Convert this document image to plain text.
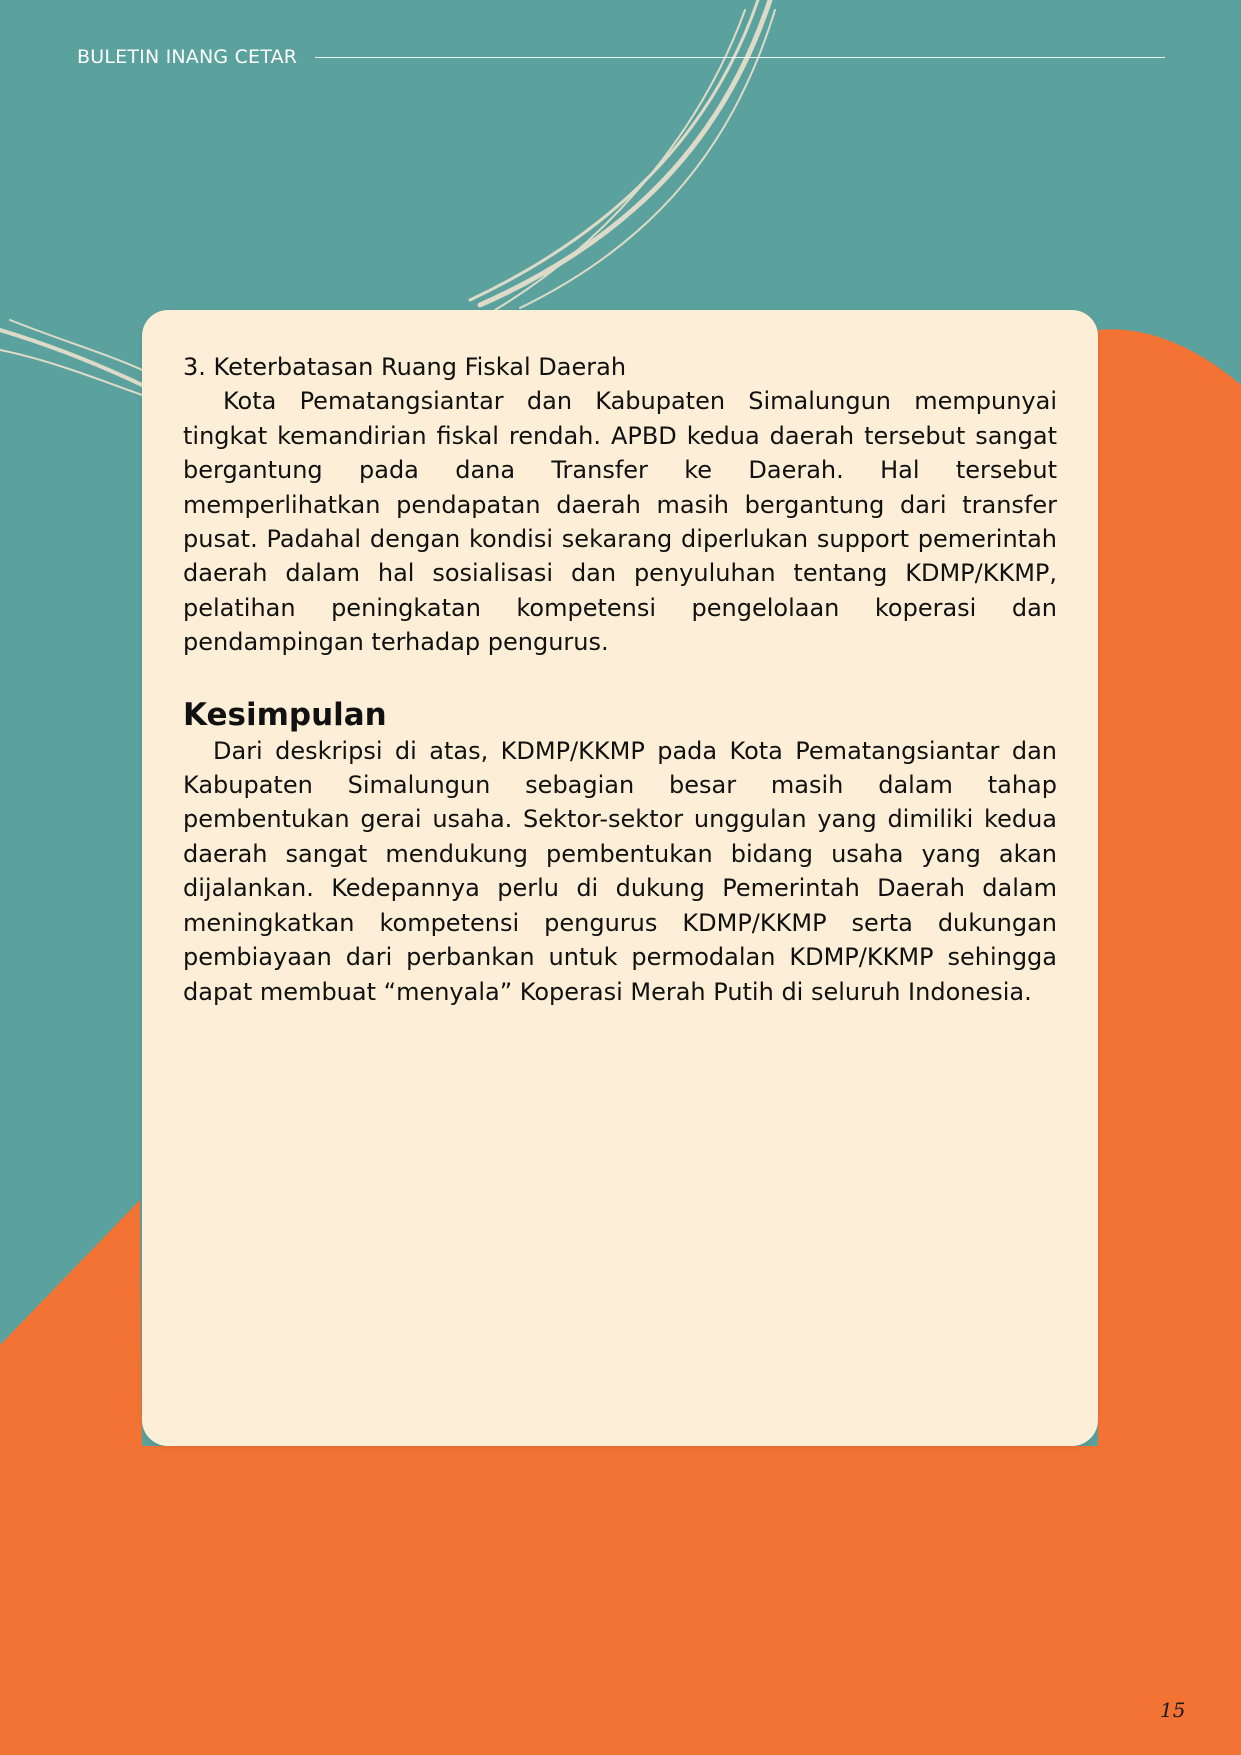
BULETIN INANG CETAR

3. Keterbatasan Ruang Fiskal Daerah

Kota Pematangsiantar dan Kabupaten Simalungun mempunyai tingkat kemandirian fiskal rendah. APBD kedua daerah tersebut sangat bergantung pada dana Transfer ke Daerah. Hal tersebut memperlihatkan pendapatan daerah masih bergantung dari transfer pusat. Padahal dengan kondisi sekarang diperlukan support pemerintah daerah dalam hal sosialisasi dan penyuluhan tentang KDMP/KKMP, pelatihan peningkatan kompetensi pengelolaan koperasi dan pendampingan terhadap pengurus.

Kesimpulan

Dari deskripsi di atas, KDMP/KKMP pada Kota Pematangsiantar dan Kabupaten Simalungun sebagian besar masih dalam tahap pembentukan gerai usaha. Sektor-sektor unggulan yang dimiliki kedua daerah sangat mendukung pembentukan bidang usaha yang akan dijalankan. Kedepannya perlu di dukung Pemerintah Daerah dalam meningkatkan kompetensi pengurus KDMP/KKMP serta dukungan pembiayaan dari perbankan untuk permodalan KDMP/KKMP sehingga dapat membuat “menyala” Koperasi Merah Putih di seluruh Indonesia.

15
